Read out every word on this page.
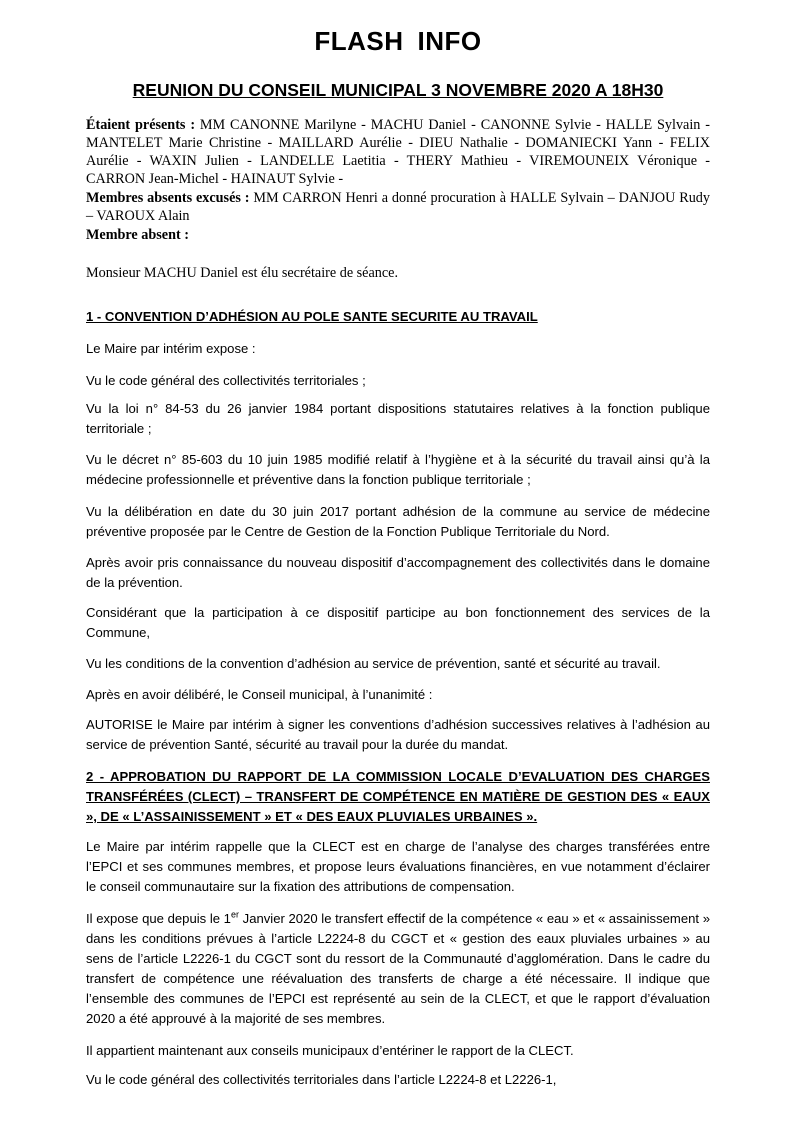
FLASH INFO
REUNION DU CONSEIL MUNICIPAL 3 NOVEMBRE 2020 A 18H30

Étaient présents : MM CANONNE Marilyne - MACHU Daniel - CANONNE Sylvie - HALLE Sylvain -MANTELET Marie Christine - MAILLARD Aurélie - DIEU Nathalie - DOMANIECKI Yann - FELIX Aurélie - WAXIN Julien - LANDELLE Laetitia - THERY Mathieu - VIREMOUNEIX Véronique - CARRON Jean-Michel - HAINAUT Sylvie -

Membres absents excusés : MM CARRON Henri a donné procuration à HALLE Sylvain – DANJOU Rudy – VAROUX Alain

Membre absent :

Monsieur MACHU Daniel est élu secrétaire de séance.

1 - CONVENTION D’ADHÉSION AU POLE SANTE SECURITE AU TRAVAIL

Le Maire par intérim expose :

Vu le code général des collectivités territoriales ;

Vu la loi n° 84-53 du 26 janvier 1984 portant dispositions statutaires relatives à la fonction publique territoriale ;

Vu le décret n° 85-603 du 10 juin 1985 modifié relatif à l’hygiène et à la sécurité du travail ainsi qu’à la médecine professionnelle et préventive dans la fonction publique territoriale ;

Vu la délibération en date du 30 juin 2017 portant adhésion de la commune au service de médecine préventive proposée par le Centre de Gestion de la Fonction Publique Territoriale du Nord.

Après avoir pris connaissance du nouveau dispositif d’accompagnement des collectivités dans le domaine de la prévention.

Considérant que la participation à ce dispositif participe au bon fonctionnement des services de la Commune,

Vu les conditions de la convention d’adhésion au service de prévention, santé et sécurité au travail.

Après en avoir délibéré, le Conseil municipal, à l’unanimité :

AUTORISE le Maire par intérim à signer les conventions d’adhésion successives relatives à l’adhésion au service de prévention Santé, sécurité au travail pour la durée du mandat.

2 - APPROBATION DU RAPPORT DE LA COMMISSION LOCALE D’EVALUATION DES CHARGES TRANSFÉRÉES (CLECT) – TRANSFERT DE COMPÉTENCE EN MATIÈRE DE GESTION DES « EAUX », DE « L’ASSAINISSEMENT » ET « DES EAUX PLUVIALES URBAINES ».

Le Maire par intérim rappelle que la CLECT est en charge de l’analyse des charges transférées entre l’EPCI et ses communes membres, et propose leurs évaluations financières, en vue notamment d’éclairer le conseil communautaire sur la fixation des attributions de compensation.

Il expose que depuis le 1er Janvier 2020 le transfert effectif de la compétence « eau » et « assainissement » dans les conditions prévues à l’article L2224-8 du CGCT et « gestion des eaux pluviales urbaines » au sens de l’article L2226-1 du CGCT sont du ressort de la Communauté d’agglomération. Dans le cadre du transfert de compétence une réévaluation des transferts de charge a été nécessaire. Il indique que l’ensemble des communes de l’EPCI est représenté au sein de la CLECT, et que le rapport d’évaluation 2020 a été approuvé à la majorité de ses membres.

Il appartient maintenant aux conseils municipaux d’entériner le rapport de la CLECT.

Vu le code général des collectivités territoriales dans l’article L2224-8 et L2226-1,
